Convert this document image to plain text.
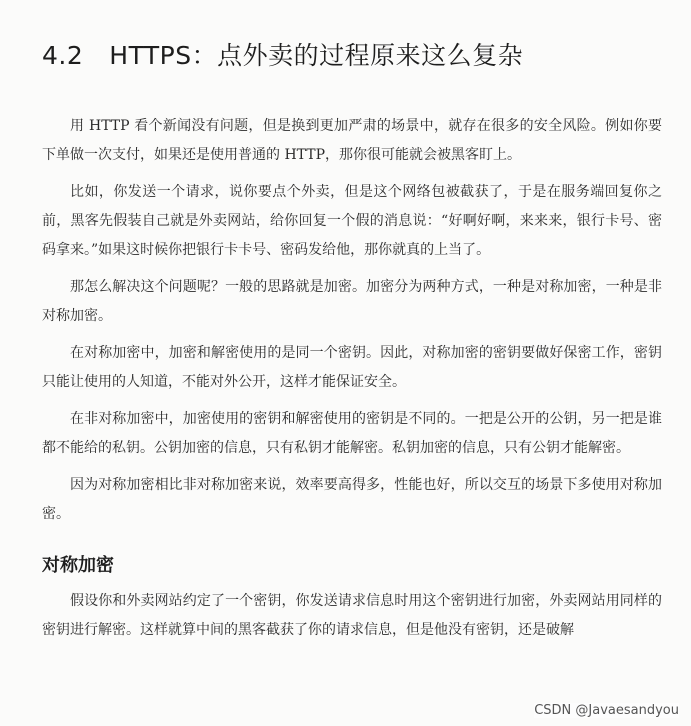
4.2 HTTPS：点外卖的过程原来这么复杂

用 HTTP 看个新闻没有问题，但是换到更加严肃的场景中，就存在很多的安全风险。例如你要下单做一次支付，如果还是使用普通的 HTTP，那你很可能就会被黑客盯上。

比如，你发送一个请求，说你要点个外卖，但是这个网络包被截获了，于是在服务端回复你之前，黑客先假装自己就是外卖网站，给你回复一个假的消息说：“好啊好啊，来来来，银行卡号、密码拿来。”如果这时候你把银行卡卡号、密码发给他，那你就真的上当了。

那怎么解决这个问题呢？一般的思路就是加密。加密分为两种方式，一种是对称加密，一种是非对称加密。

在对称加密中，加密和解密使用的是同一个密钥。因此，对称加密的密钥要做好保密工作，密钥只能让使用的人知道，不能对外公开，这样才能保证安全。

在非对称加密中，加密使用的密钥和解密使用的密钥是不同的。一把是公开的公钥，另一把是谁都不能给的私钥。公钥加密的信息，只有私钥才能解密。私钥加密的信息，只有公钥才能解密。

因为对称加密相比非对称加密来说，效率要高得多，性能也好，所以交互的场景下多使用对称加密。

对称加密

假设你和外卖网站约定了一个密钥，你发送请求信息时用这个密钥进行加密，外卖网站用同样的密钥进行解密。这样就算中间的黑客截获了你的请求信息，但是他没有密钥，还是破解

CSDN @Javaesandyou
